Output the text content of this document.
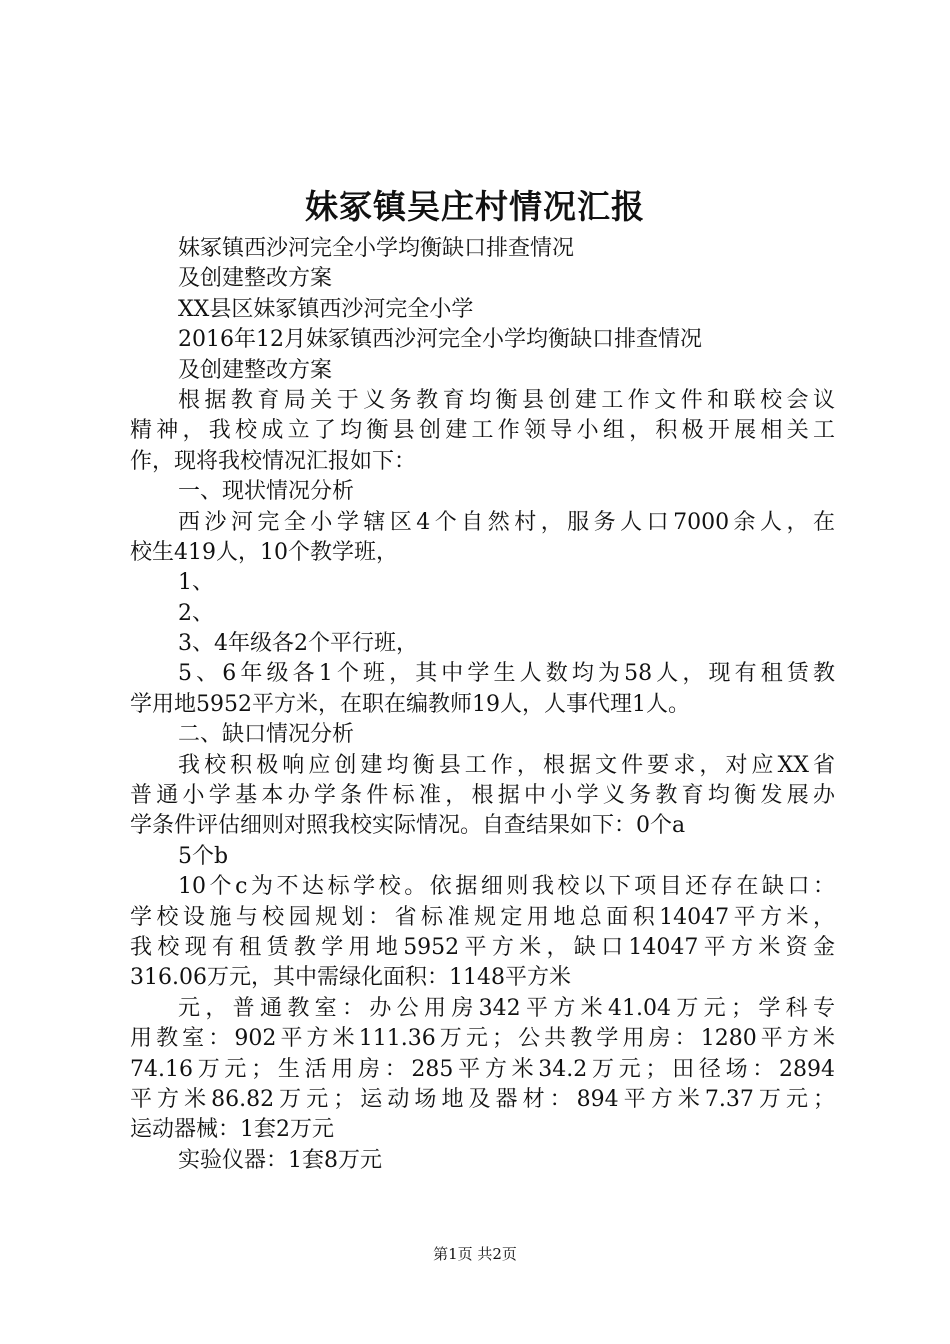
妹冢镇吴庄村情况汇报
妹冢镇西沙河完全小学均衡缺口排查情况
及创建整改方案
XX县区妹冢镇西沙河完全小学
2016年12月妹冢镇西沙河完全小学均衡缺口排查情况
及创建整改方案
根据教育局关于义务教育均衡县创建工作文件和联校会议
精神，我校成立了均衡县创建工作领导小组，积极开展相关工
作，现将我校情况汇报如下：
一、现状情况分析
西沙河完全小学辖区4个自然村，服务人口7000余人，在
校生419人，10个教学班，
1、
2、
3、4年级各2个平行班，
5、6年级各1个班，其中学生人数均为58人，现有租赁教
学用地5952平方米，在职在编教师19人，人事代理1人。
二、缺口情况分析
我校积极响应创建均衡县工作，根据文件要求，对应XX省
普通小学基本办学条件标准，根据中小学义务教育均衡发展办
学条件评估细则对照我校实际情况。自查结果如下：0个a
5个b
10个c为不达标学校。依据细则我校以下项目还存在缺口：
学校设施与校园规划：省标准规定用地总面积14047平方米，
我校现有租赁教学用地5952平方米，缺口14047平方米资金
316.06万元，其中需绿化面积：1148平方米
元，普通教室：办公用房342平方米41.04万元；学科专
用教室：902平方米111.36万元；公共教学用房：1280平方米
74.16万元；生活用房：285平方米34.2万元；田径场：2894
平方米86.82万元；运动场地及器材：894平方米7.37万元；
运动器械：1套2万元
实验仪器：1套8万元
第1页 共2页
